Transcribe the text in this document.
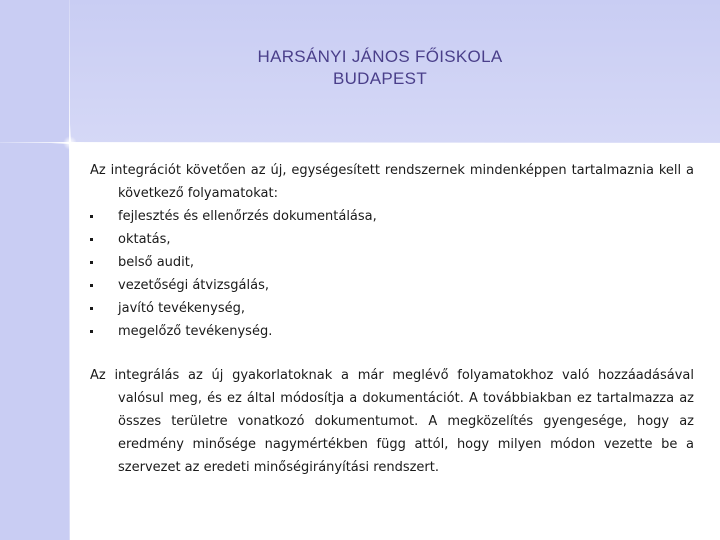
HARSÁNYI JÁNOS FŐISKOLA
BUDAPEST
Az integrációt követően az új, egységesített rendszernek mindenképpen tartalmaznia kell a következő folyamatokat:
fejlesztés és ellenőrzés dokumentálása,
oktatás,
belső audit,
vezetőségi átvizsgálás,
javító tevékenység,
megelőző tevékenység.
Az integrálás az új gyakorlatoknak a már meglévő folyamatokhoz való hozzáadásával valósul meg, és ez által módosítja a dokumentációt. A továbbiakban ez tartalmazza az összes területre vonatkozó dokumentumot. A megközelítés gyengesége, hogy az eredmény minősége nagymértékben függ attól, hogy milyen módon vezette be a szervezet az eredeti minőségirányítási rendszert.
